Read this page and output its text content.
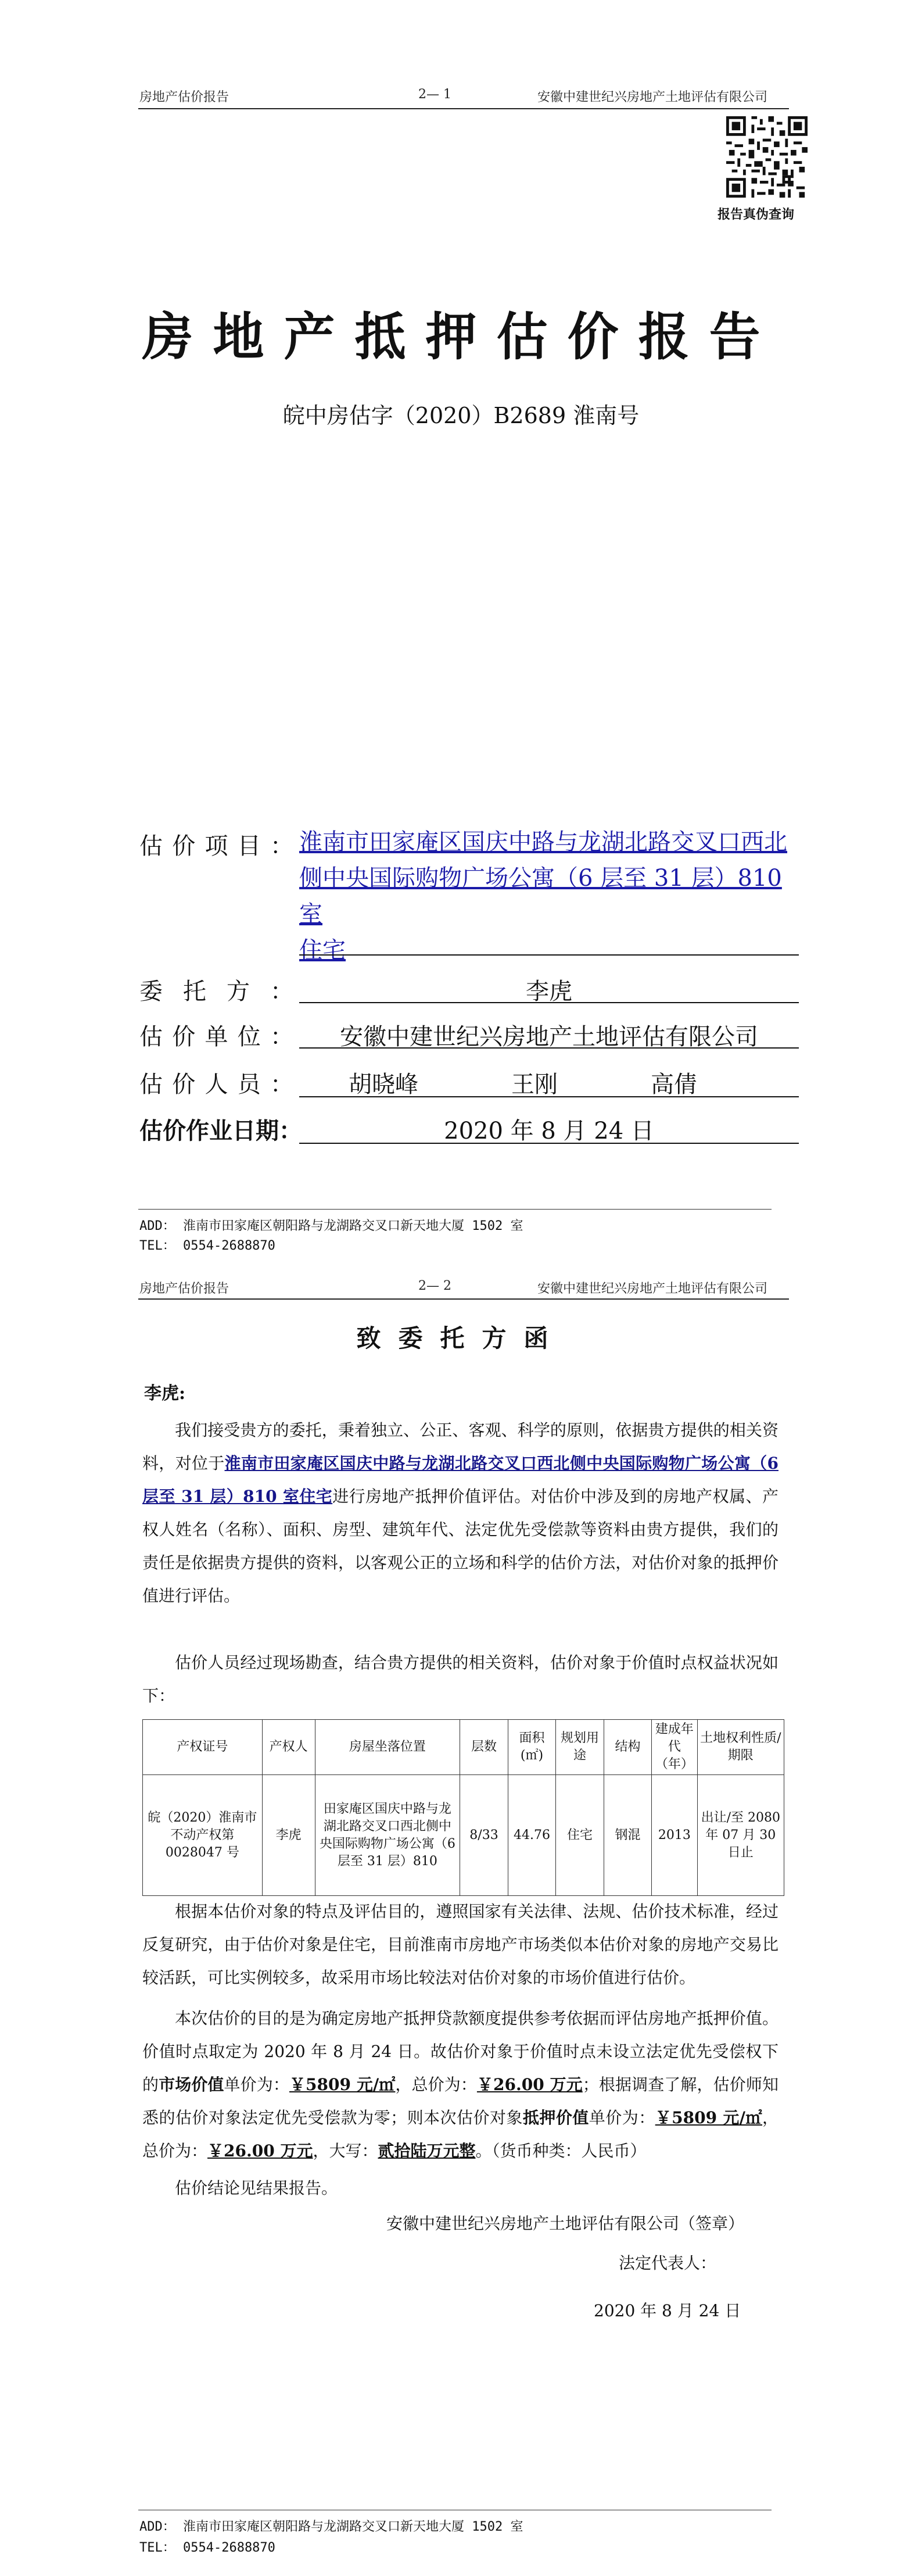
房地产估价报告	2— 1	安徽中建世纪兴房地产土地评估有限公司
报告真伪查询
房地产抵押估价报告
皖中房估字（2020）B2689 淮南号
估价项目： 淮南市田家庵区国庆中路与龙湖北路交叉口西北
侧中央国际购物广场公寓（6 层至 31 层）810 室
住宅
委托方：	李虎
估价单位：	安徽中建世纪兴房地产土地评估有限公司
估价人员：	胡晓峰	王刚	高倩
估价作业日期：	2020 年 8 月 24 日
ADD： 淮南市田家庵区朝阳路与龙湖路交叉口新天地大厦 1502 室
TEL： 0554-2688870
房地产估价报告	2— 2	安徽中建世纪兴房地产土地评估有限公司
致委托方函
李虎:
我们接受贵方的委托，秉着独立、公正、客观、科学的原则，依据贵方提供的相关资料，对位于淮南市田家庵区国庆中路与龙湖北路交叉口西北侧中央国际购物广场公寓（6 层至 31 层）810 室住宅进行房地产抵押价值评估。对估价中涉及到的房地产权属、产权人姓名（名称）、面积、房型、建筑年代、法定优先受偿款等资料由贵方提供，我们的责任是依据贵方提供的资料，以客观公正的立场和科学的估价方法，对估价对象的抵押价值进行评估。
估价人员经过现场勘查，结合贵方提供的相关资料，估价对象于价值时点权益状况如下：
产权证号	产权人	房屋坐落位置	层数	面积(㎡)	规划用途	结构	建成年代（年）	土地权利性质/期限
皖（2020）淮南市不动产权第0028047 号	李虎	田家庵区国庆中路与龙湖北路交叉口西北侧中央国际购物广场公寓（6 层至 31 层）810	8/33	44.76	住宅	钢混	2013	出让/至 2080 年 07 月 30 日止
根据本估价对象的特点及评估目的，遵照国家有关法律、法规、估价技术标准，经过反复研究，由于估价对象是住宅，目前淮南市房地产市场类似本估价对象的房地产交易比较活跃，可比实例较多，故采用市场比较法对估价对象的市场价值进行估价。
本次估价的目的是为确定房地产抵押贷款额度提供参考依据而评估房地产抵押价值。价值时点取定为 2020 年 8 月 24 日。故估价对象于价值时点未设立法定优先受偿权下的市场价值单价为：￥5809 元/㎡，总价为：￥26.00 万元；根据调查了解，估价师知悉的估价对象法定优先受偿款为零；则本次估价对象抵押价值单价为：￥5809 元/㎡，总价为：￥26.00 万元，大写：贰拾陆万元整。（货币种类：人民币）
估价结论见结果报告。
安徽中建世纪兴房地产土地评估有限公司（签章）
法定代表人：
2020 年 8 月 24 日
ADD： 淮南市田家庵区朝阳路与龙湖路交叉口新天地大厦 1502 室
TEL： 0554-2688870
